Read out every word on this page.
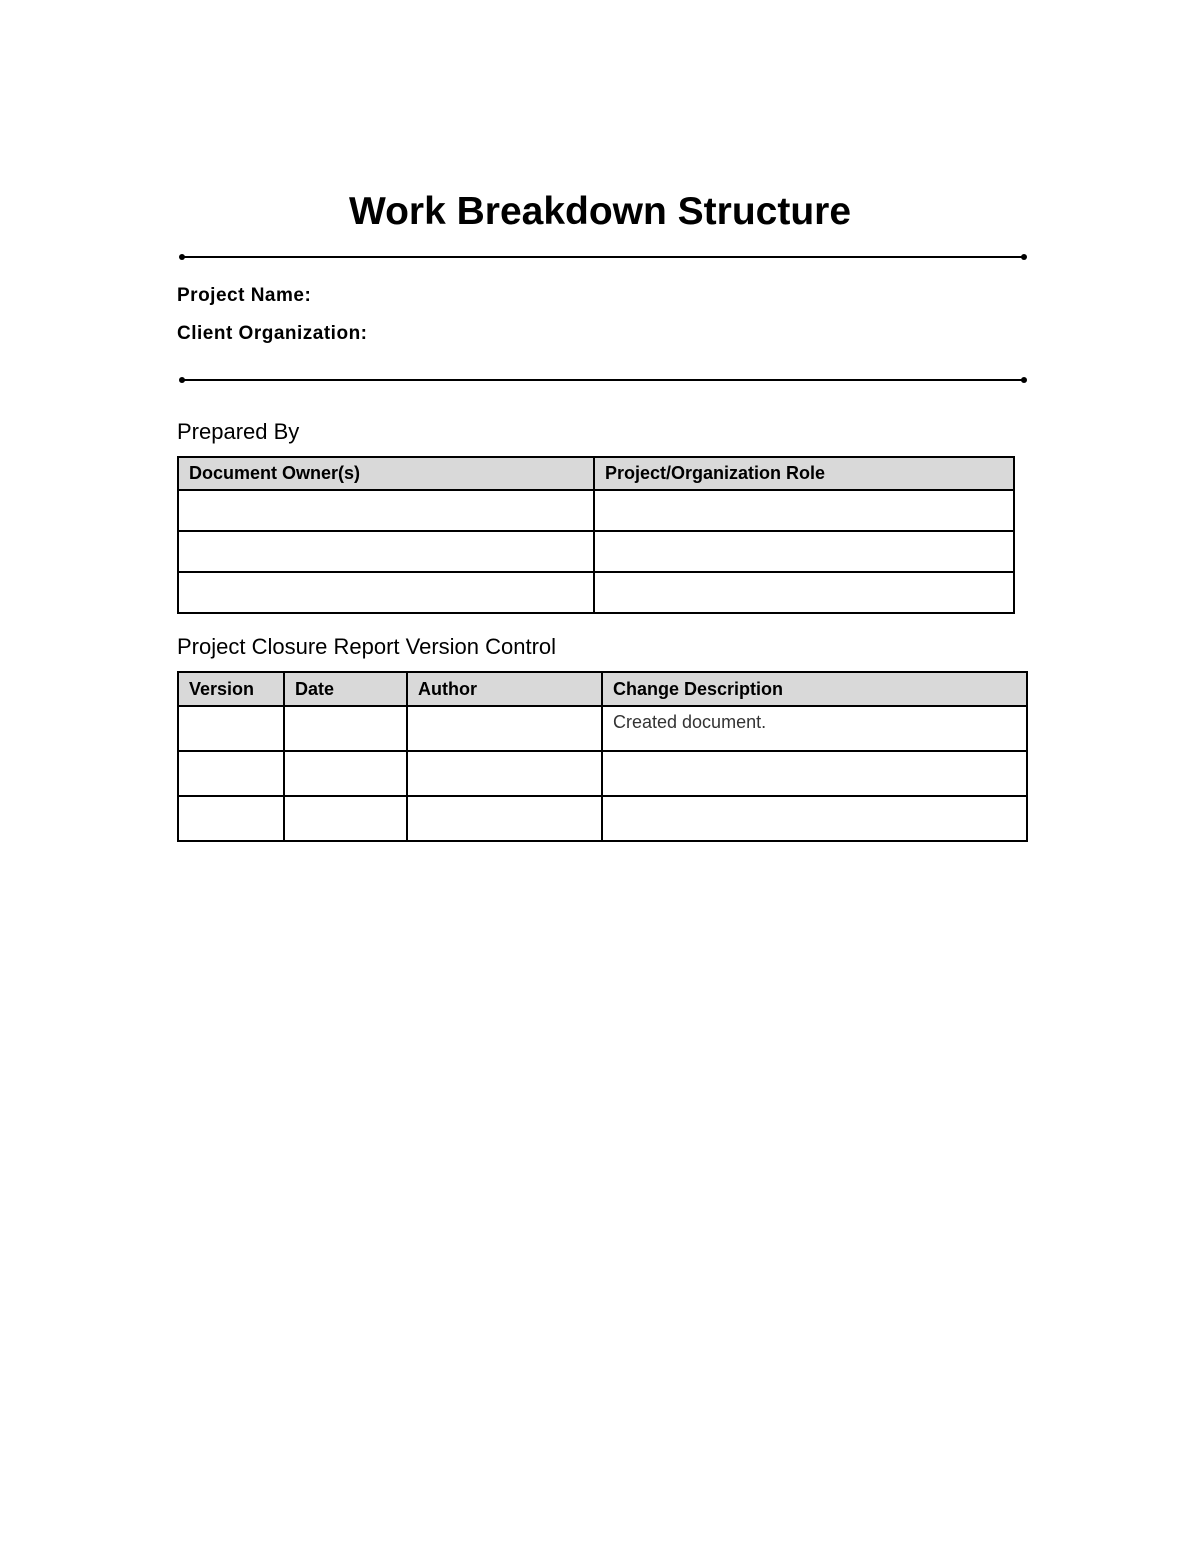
Work Breakdown Structure
Project Name:
Client Organization:
Prepared By
Document Owner(s)	Project/Organization Role

Project Closure Report Version Control
Version	Date	Author	Change Description
			Created document.
